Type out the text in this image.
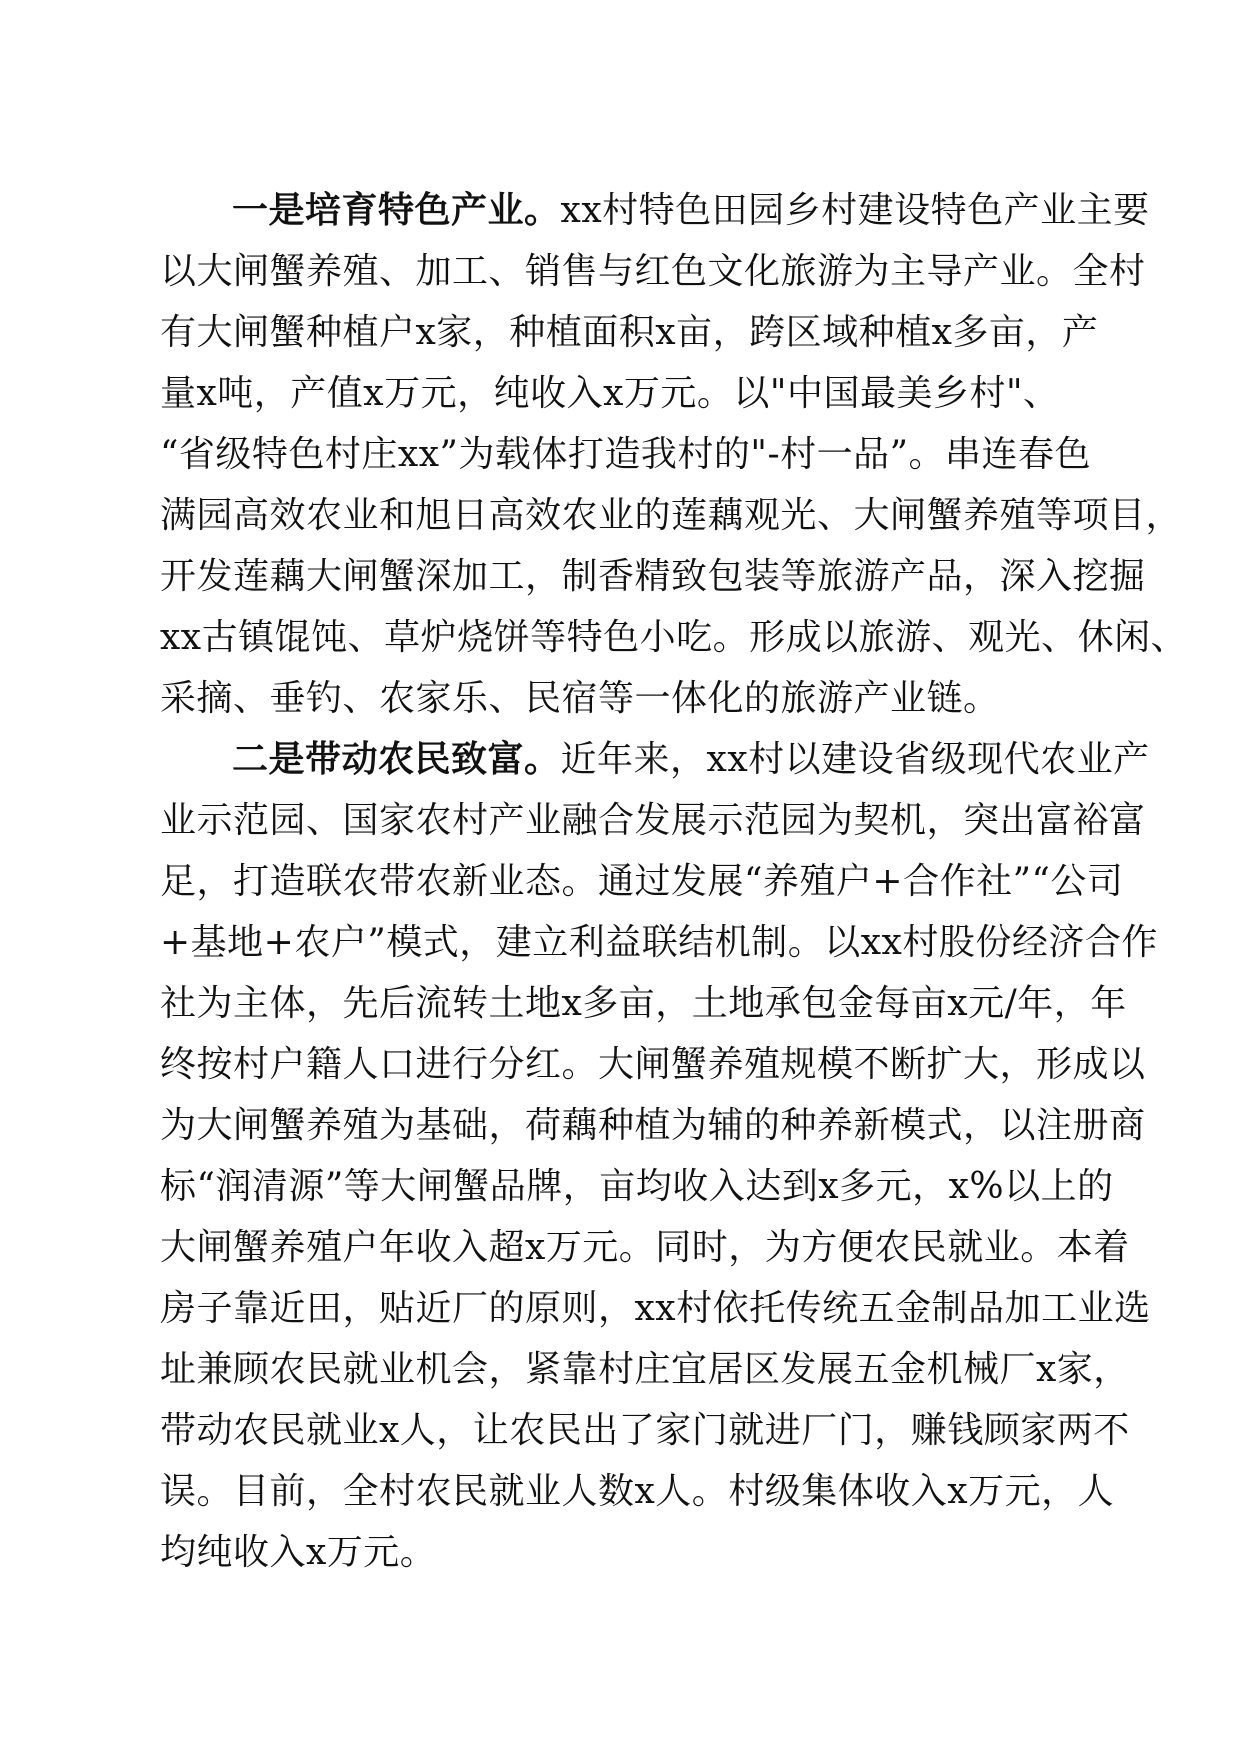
一是培育特色产业。xx村特色田园乡村建设特色产业主要
以大闸蟹养殖、加工、销售与红色文化旅游为主导产业。全村
有大闸蟹种植户x家，种植面积x亩，跨区域种植x多亩，产
量x吨，产值x万元，纯收入x万元。以"中国最美乡村"、
“省级特色村庄xx”为载体打造我村的"-村一品”。串连春色
满园高效农业和旭日高效农业的莲藕观光、大闸蟹养殖等项目，
开发莲藕大闸蟹深加工，制香精致包装等旅游产品，深入挖掘
xx古镇馄饨、草炉烧饼等特色小吃。形成以旅游、观光、休闲、
采摘、垂钓、农家乐、民宿等一体化的旅游产业链。
二是带动农民致富。近年来，xx村以建设省级现代农业产
业示范园、国家农村产业融合发展示范园为契机，突出富裕富
足，打造联农带农新业态。通过发展“养殖户+合作社”“公司
+基地+农户”模式，建立利益联结机制。以xx村股份经济合作
社为主体，先后流转土地x多亩，土地承包金每亩x元/年，年
终按村户籍人口进行分红。大闸蟹养殖规模不断扩大，形成以
为大闸蟹养殖为基础，荷藕种植为辅的种养新模式，以注册商
标“润清源”等大闸蟹品牌，亩均收入达到x多元，x%以上的
大闸蟹养殖户年收入超x万元。同时，为方便农民就业。本着
房子靠近田，贴近厂的原则，xx村依托传统五金制品加工业选
址兼顾农民就业机会，紧靠村庄宜居区发展五金机械厂x家，
带动农民就业x人，让农民出了家门就进厂门，赚钱顾家两不
误。目前，全村农民就业人数x人。村级集体收入x万元，人
均纯收入x万元。
